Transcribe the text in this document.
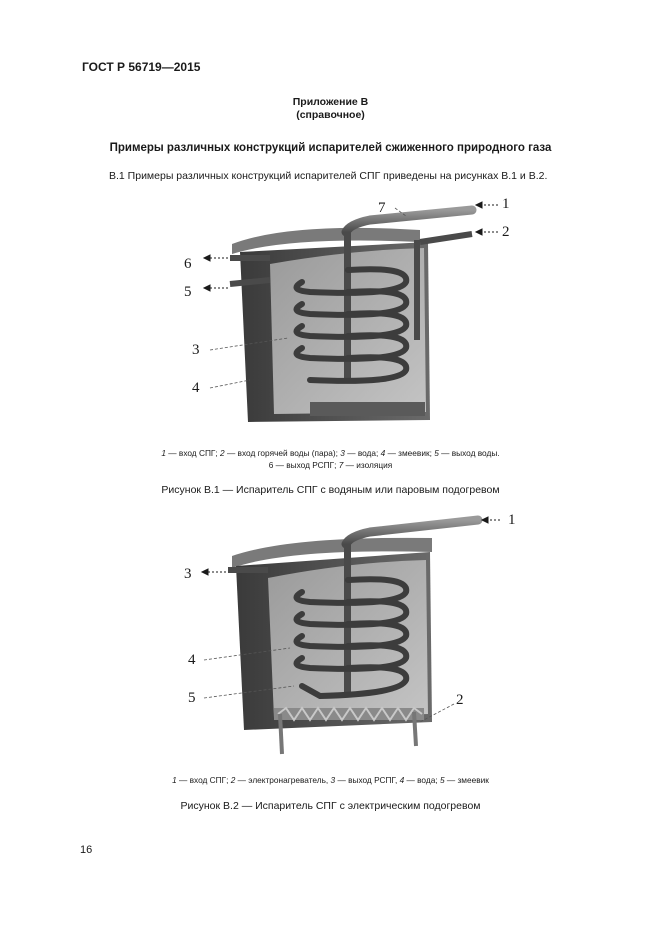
ГОСТ Р 56719—2015
Приложение В
(справочное)
Примеры различных конструкций испарителей сжиженного природного газа
В.1 Примеры различных конструкций испарителей СПГ приведены на рисунках В.1 и В.2.
1
2
3
4
5
6
7
1 — вход СПГ; 2 — вход горячей воды (пара); 3 — вода; 4 — змеевик; 5 — выход воды.
6 — выход РСПГ; 7 — изоляция
Рисунок В.1 — Испаритель СПГ с водяным или паровым подогревом
1
2
3
4
5
1 — вход СПГ; 2 — электронагреватель, 3 — выход РСПГ, 4 — вода; 5 — змеевик
Рисунок В.2 — Испаритель СПГ с электрическим подогревом
16
